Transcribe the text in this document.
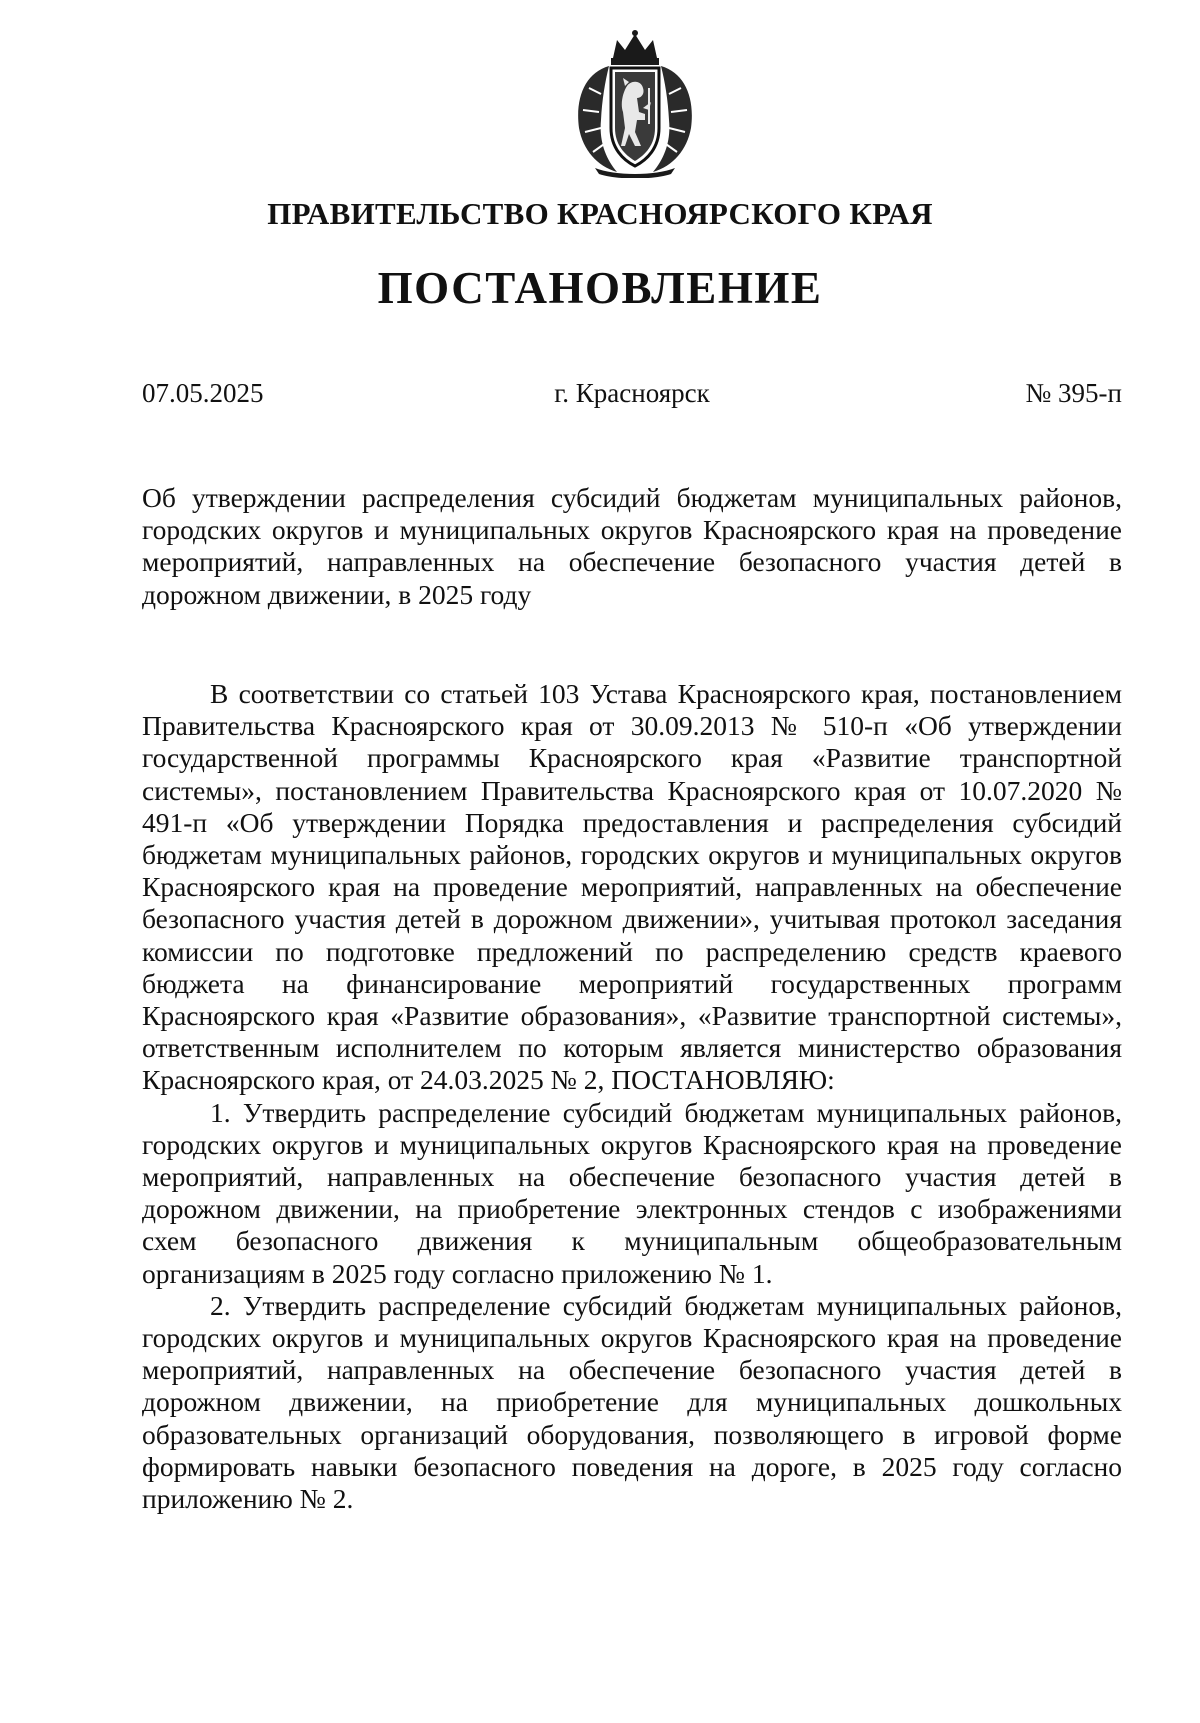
ПРАВИТЕЛЬСТВО КРАСНОЯРСКОГО КРАЯ
ПОСТАНОВЛЕНИЕ
07.05.2025	г. Красноярск	№ 395-п
Об утверждении распределения субсидий бюджетам муниципальных районов, городских округов и муниципальных округов Красноярского края на проведение мероприятий, направленных на обеспечение безопасного участия детей в дорожном движении, в 2025 году

В соответствии со статьей 103 Устава Красноярского края, постановлением Правительства Красноярского края от 30.09.2013 № 510-п «Об утверждении государственной программы Красноярского края «Развитие транспортной системы», постановлением Правительства Красноярского края от 10.07.2020 № 491-п «Об утверждении Порядка предоставления и распределения субсидий бюджетам муниципальных районов, городских округов и муниципальных округов Красноярского края на проведение мероприятий, направленных на обеспечение безопасного участия детей в дорожном движении», учитывая протокол заседания комиссии по подготовке предложений по распределению средств краевого бюджета на финансирование мероприятий государственных программ Красноярского края «Развитие образования», «Развитие транспортной системы», ответственным исполнителем по которым является министерство образования Красноярского края, от 24.03.2025 № 2, ПОСТАНОВЛЯЮ:

1. Утвердить распределение субсидий бюджетам муниципальных районов, городских округов и муниципальных округов Красноярского края на проведение мероприятий, направленных на обеспечение безопасного участия детей в дорожном движении, на приобретение электронных стендов с изображениями схем безопасного движения к муниципальным общеобразовательным организациям в 2025 году согласно приложению № 1.

2. Утвердить распределение субсидий бюджетам муниципальных районов, городских округов и муниципальных округов Красноярского края на проведение мероприятий, направленных на обеспечение безопасного участия детей в дорожном движении, на приобретение для муниципальных дошкольных образовательных организаций оборудования, позволяющего в игровой форме формировать навыки безопасного поведения на дороге, в 2025 году согласно приложению № 2.
